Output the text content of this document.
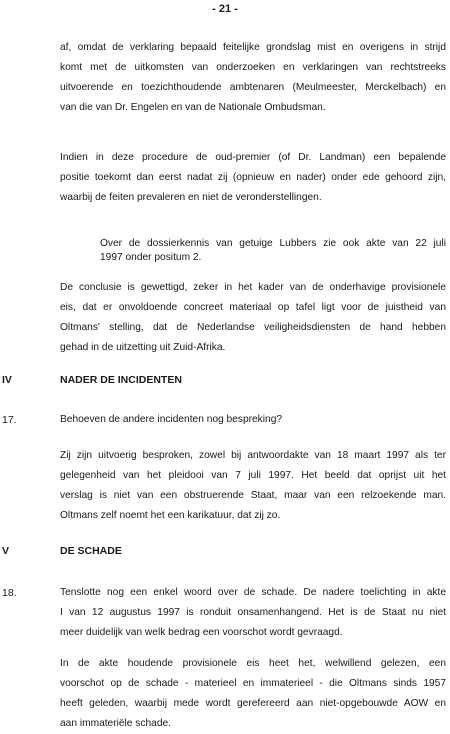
- 21 -
af, omdat de verklaring bepaald feitelijke grondslag mist en overigens in strijd
komt met de uitkomsten van onderzoeken en verklaringen van rechtstreeks
uitvoerende en toezichthoudende ambtenaren (Meulmeester, Merckelbach) en
van die van Dr. Engelen en van de Nationale Ombudsman.
Indien in deze procedure de oud-premier (of Dr. Landman) een bepalende
positie toekomt dan eerst nadat zij (opnieuw en nader) onder ede gehoord zijn,
waarbij de feiten prevaleren en niet de veronderstellingen.
Over de dossierkennis van getuige Lubbers zie ook akte van 22 juli
1997 onder positum 2.
De conclusie is gewettigd, zeker in het kader van de onderhavige provisionele
eis, dat er onvoldoende concreet materiaal op tafel ligt voor de juistheid van
Oltmans' stelling, dat de Nederlandse veiligheidsdiensten de hand hebben
gehad in de uitzetting uit Zuid-Afrika.
IV	NADER DE INCIDENTEN
17.	Behoeven de andere incidenten nog bespreking?
Zij zijn uitvoerig besproken, zowel bij antwoordakte van 18 maart 1997 als ter
gelegenheid van het pleidooi van 7 juli 1997. Het beeld dat oprijst uit het
verslag is niet van een obstruerende Staat, maar van een relzoekende man.
Oltmans zelf noemt het een karikatuur, dat zij zo.
V	DE SCHADE
18.	Tenslotte nog een enkel woord over de schade. De nadere toelichting in akte
I van 12 augustus 1997 is ronduit onsamenhangend. Het is de Staat nu niet
meer duidelijk van welk bedrag een voorschot wordt gevraagd.
In de akte houdende provisionele eis heet het, welwillend gelezen, een
voorschot op de schade - materieel en immaterieel - die Oltmans sinds 1957
heeft geleden, waarbij mede wordt gerefereerd aan niet-opgebouwde AOW en
aan immateriële schade.
